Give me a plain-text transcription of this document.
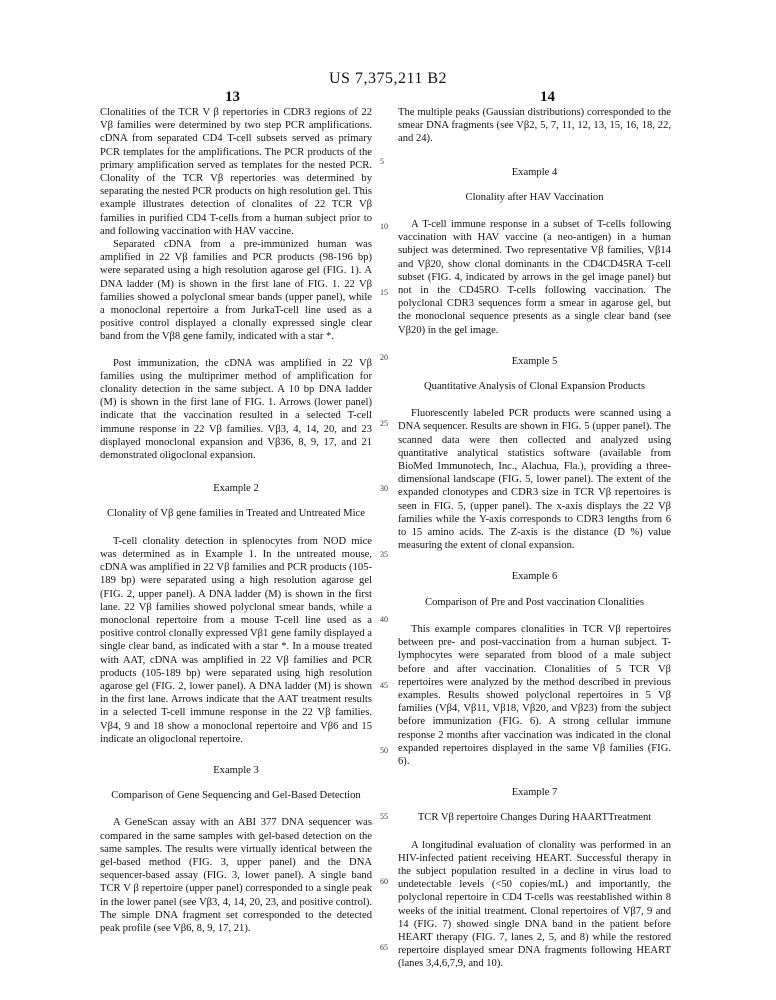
US 7,375,211 B2
13	14

Clonalities of the TCR V β repertories in CDR3 regions of 22 Vβ families were determined by two step PCR amplifications. cDNA from separated CD4 T-cell subsets served as primary PCR templates for the amplifications. The PCR products of the primary amplification served as templates for the nested PCR. Clonality of the TCR Vβ repertories was determined by separating the nested PCR products on high resolution gel. This example illustrates detection of clonalites of 22 TCR Vβ families in purified CD4 T-cells from a human subject prior to and following vaccination with HAV vaccine.

Separated cDNA from a pre-immunized human was amplified in 22 Vβ families and PCR products (98-196 bp) were separated using a high resolution agarose gel (FIG. 1). A DNA ladder (M) is shown in the first lane of FIG. 1. 22 Vβ families showed a polyclonal smear bands (upper panel), while a monoclonal repertoire a from JurkaT-cell line used as a positive control displayed a clonally expressed single clear band from the Vβ8 gene family, indicated with a star *.

Post immunization, the cDNA was amplified in 22 Vβ families using the multiprimer method of amplification for clonality detection in the same subject. A 10 bp DNA ladder (M) is shown in the first lane of FIG. 1. Arrows (lower panel) indicate that the vaccination resulted in a selected T-cell immune response in 22 Vβ families. Vβ3, 4, 14, 20, and 23 displayed monoclonal expansion and Vβ36, 8, 9, 17, and 21 demonstrated oligoclonal expansion.

Example 2
Clonality of Vβ gene families in Treated and Untreated Mice

T-cell clonality detection in splenocytes from NOD mice was determined as in Example 1. In the untreated mouse, cDNA was amplified in 22 Vβ families and PCR products (105-189 bp) were separated using a high resolution agarose gel (FIG. 2, upper panel). A DNA ladder (M) is shown in the first lane. 22 Vβ families showed polyclonal smear bands, while a monoclonal repertoire from a mouse T-cell line used as a positive control clonally expressed Vβ1 gene family displayed a single clear band, as indicated with a star *. In a mouse treated with AAT, cDNA was amplified in 22 Vβ families and PCR products (105-189 bp) were separated using high resolution agarose gel (FIG. 2, lower panel). A DNA ladder (M) is shown in the first lane. Arrows indicate that the AAT treatment results in a selected T-cell immune response in the 22 Vβ families. Vβ4, 9 and 18 show a monoclonal repertoire and Vβ6 and 15 indicate an oligoclonal repertoire.

Example 3
Comparison of Gene Sequencing and Gel-Based Detection

A GeneScan assay with an ABI 377 DNA sequencer was compared in the same samples with gel-based detection on the same samples. The results were virtually identical between the gel-based method (FIG. 3, upper panel) and the DNA sequencer-based assay (FIG. 3, lower panel). A single band TCR V β repertoire (upper panel) corresponded to a single peak in the lower panel (see Vβ3, 4, 14, 20, 23, and positive control). The simple DNA fragment set corresponded to the detected peak profile (see Vβ6, 8, 9, 17, 21).

The multiple peaks (Gaussian distributions) corresponded to the smear DNA fragments (see Vβ2, 5, 7, 11, 12, 13, 15, 16, 18, 22, and 24).

Example 4
Clonality after HAV Vaccination

A T-cell immune response in a subset of T-cells following vaccination with HAV vaccine (a neo-antigen) in a human subject was determined. Two representative Vβ families, Vβ14 and Vβ20, show clonal dominants in the CD4CD45RA T-cell subset (FIG. 4, indicated by arrows in the gel image panel) but not in the CD45RO T-cells following vaccination. The polyclonal CDR3 sequences form a smear in agarose gel, but the monoclonal sequence presents as a single clear band (see Vβ20) in the gel image.

Example 5
Quantitative Analysis of Clonal Expansion Products

Fluorescently labeled PCR products were scanned using a DNA sequencer. Results are shown in FIG. 5 (upper panel). The scanned data were then collected and analyzed using quantitative analytical statistics software (available from BioMed Immunotech, Inc., Alachua, Fla.), providing a three-dimensional landscape (FIG. 5, lower panel). The extent of the expanded clonotypes and CDR3 size in TCR Vβ repertoires is seen in FIG. 5, (upper panel). The x-axis displays the 22 Vβ families while the Y-axis corresponds to CDR3 lengths from 6 to 15 amino acids. The Z-axis is the distance (D %) value measuring the extent of clonal expansion.

Example 6
Comparison of Pre and Post vaccination Clonalities

This example compares clonalities in TCR Vβ repertoires between pre- and post-vaccination from a human subject. T-lymphocytes were separated from blood of a male subject before and after vaccination. Clonalities of 5 TCR Vβ repertoires were analyzed by the method described in previous examples. Results showed polyclonal repertoires in 5 Vβ families (Vβ4, Vβ11, Vβ18, Vβ20, and Vβ23) from the subject before immunization (FIG. 6). A strong cellular immune response 2 months after vaccination was indicated in the clonal expanded repertoires displayed in the same Vβ families (FIG. 6).

Example 7
TCR Vβ repertoire Changes During HAARTTreatment

A longitudinal evaluation of clonality was performed in an HIV-infected patient receiving HEART. Successful therapy in the subject population resulted in a decline in virus load to undetectable levels (<50 copies/mL) and importantly, the polyclonal repertoire in CD4 T-cells was reestablished within 8 weeks of the initial treatment. Clonal repertoires of Vβ7, 9 and 14 (FIG. 7) showed single DNA band in the patient before HEART therapy (FIG. 7, lanes 2, 5, and 8) while the restored repertoire displayed smear DNA fragments following HEART (lanes 3,4,6,7,9, and 10).

5
10
15
20
25
30
35
40
45
50
55
60
65
